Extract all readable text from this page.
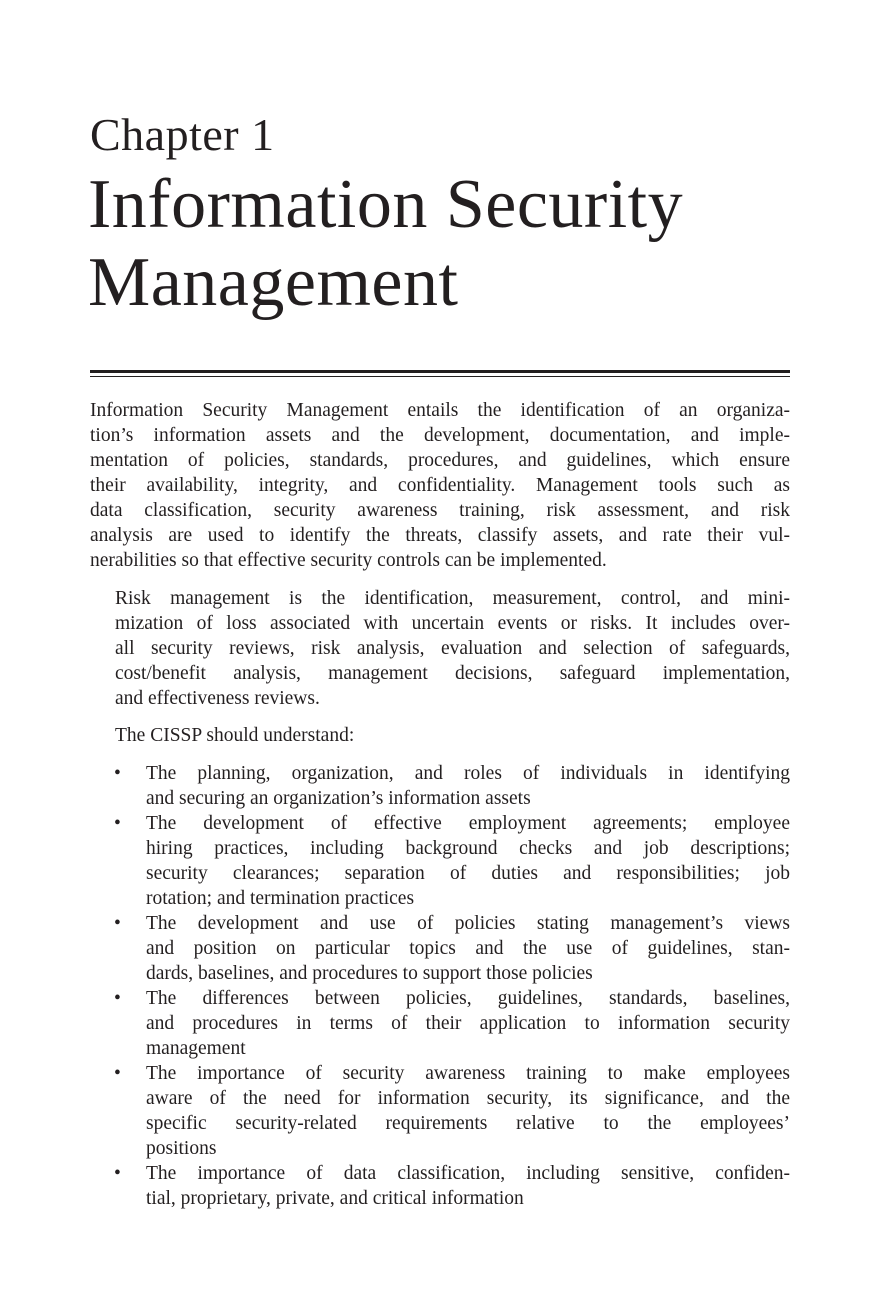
Chapter 1
Information Security
Management
Information Security Management entails the identification of an organiza-
tion’s information assets and the development, documentation, and imple-
mentation of policies, standards, procedures, and guidelines, which ensure
their availability, integrity, and confidentiality. Management tools such as
data classification, security awareness training, risk assessment, and risk
analysis are used to identify the threats, classify assets, and rate their vul-
nerabilities so that effective security controls can be implemented.
Risk management is the identification, measurement, control, and mini-
mization of loss associated with uncertain events or risks. It includes over-
all security reviews, risk analysis, evaluation and selection of safeguards,
cost/benefit analysis, management decisions, safeguard implementation,
and effectiveness reviews.
The CISSP should understand:
• The planning, organization, and roles of individuals in identifying
and securing an organization’s information assets
• The development of effective employment agreements; employee
hiring practices, including background checks and job descriptions;
security clearances; separation of duties and responsibilities; job
rotation; and termination practices
• The development and use of policies stating management’s views
and position on particular topics and the use of guidelines, stan-
dards, baselines, and procedures to support those policies
• The differences between policies, guidelines, standards, baselines,
and procedures in terms of their application to information security
management
• The importance of security awareness training to make employees
aware of the need for information security, its significance, and the
specific security-related requirements relative to the employees’
positions
• The importance of data classification, including sensitive, confiden-
tial, proprietary, private, and critical information
